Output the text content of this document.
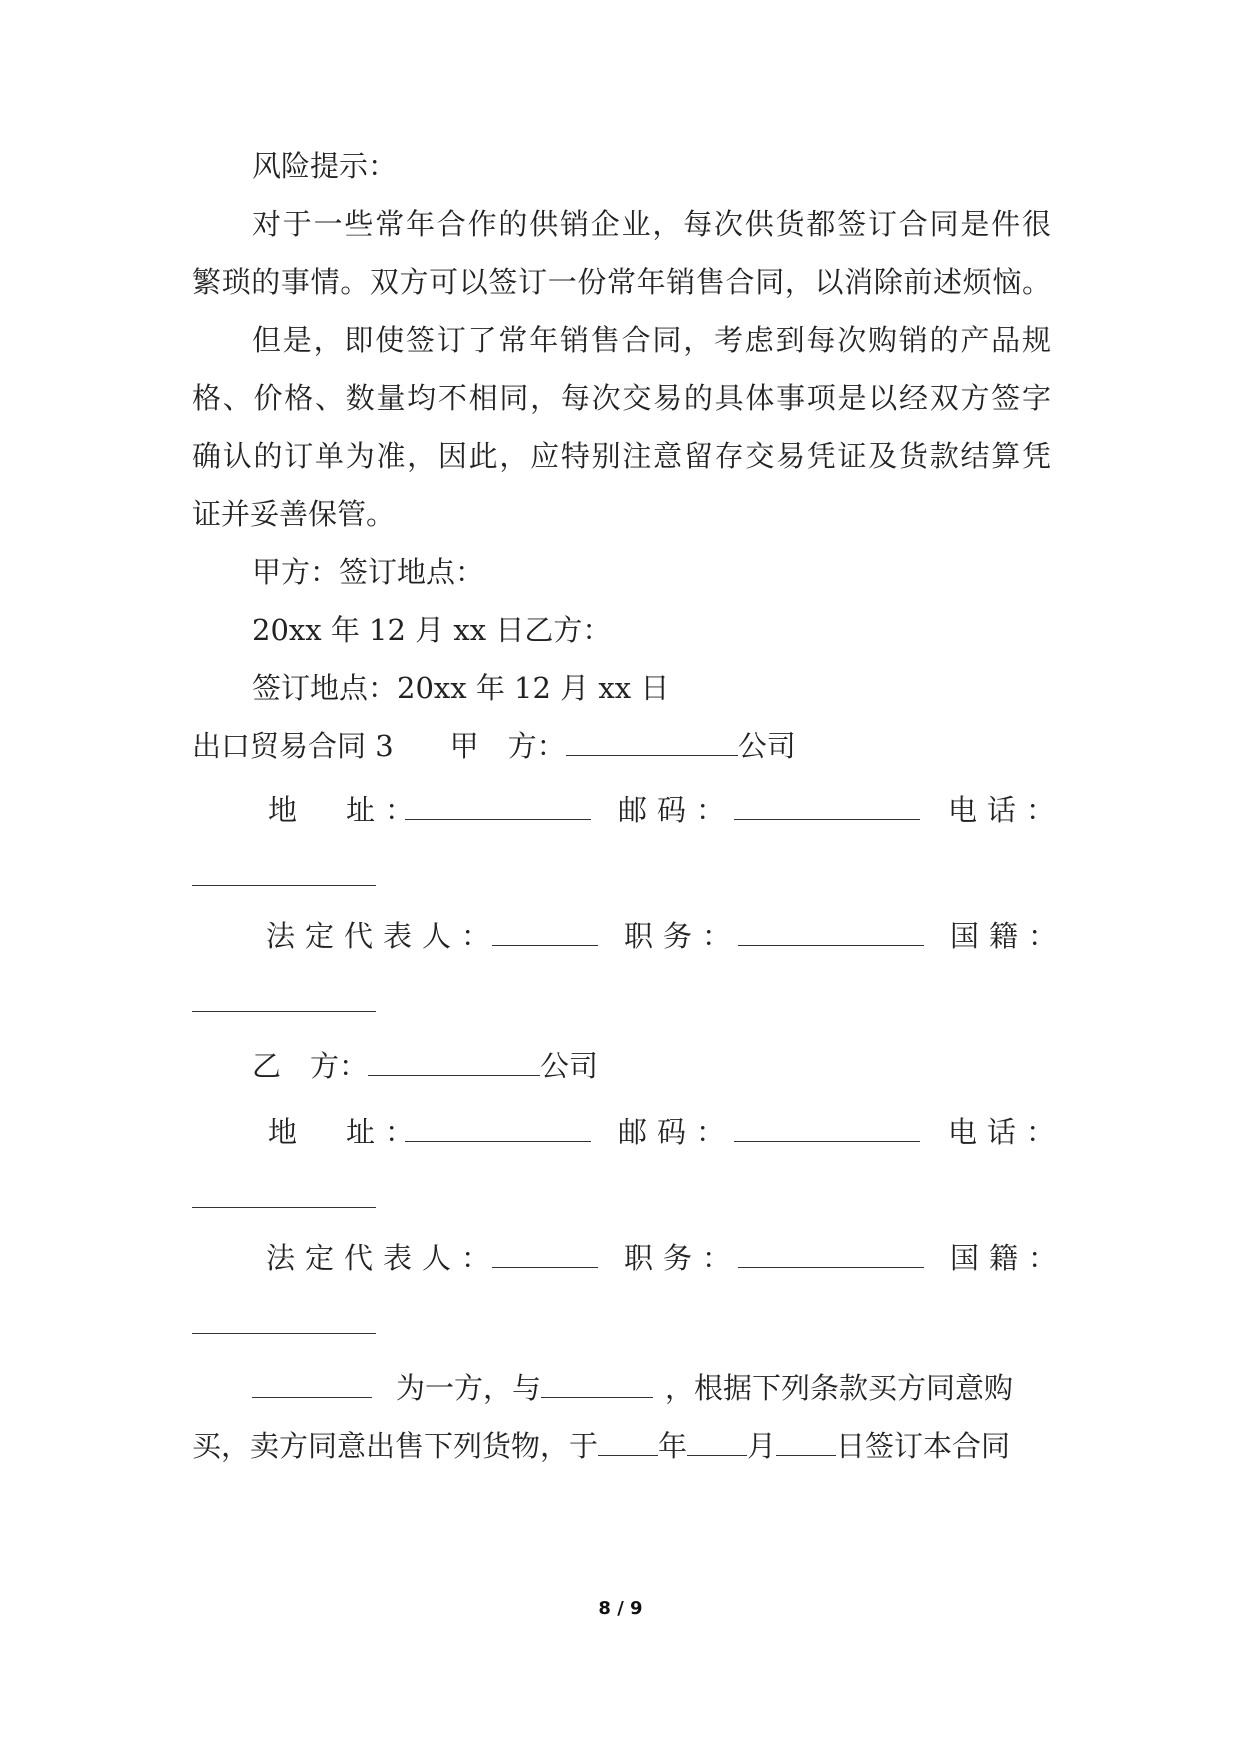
风险提示：
对于一些常年合作的供销企业，每次供货都签订合同是件很
繁琐的事情。双方可以签订一份常年销售合同，以消除前述烦恼。
但是，即使签订了常年销售合同，考虑到每次购销的产品规
格、价格、数量均不相同，每次交易的具体事项是以经双方签字
确认的订单为准，因此，应特别注意留存交易凭证及货款结算凭
证并妥善保管。
甲方：签订地点：
20xx 年 12 月 xx 日乙方：
签订地点：20xx 年 12 月 xx 日
出口贸易合同 3 甲　方：	公司
地　址：	邮码：	电话：
法定代表人：	职务：	国籍：
乙　方：	公司
地　址：	邮码：	电话：
法定代表人：	职务：	国籍：
为一方，与	，根据下列条款买方同意购
买，卖方同意出售下列货物，于 年 月 日签订本合同
8 / 9
